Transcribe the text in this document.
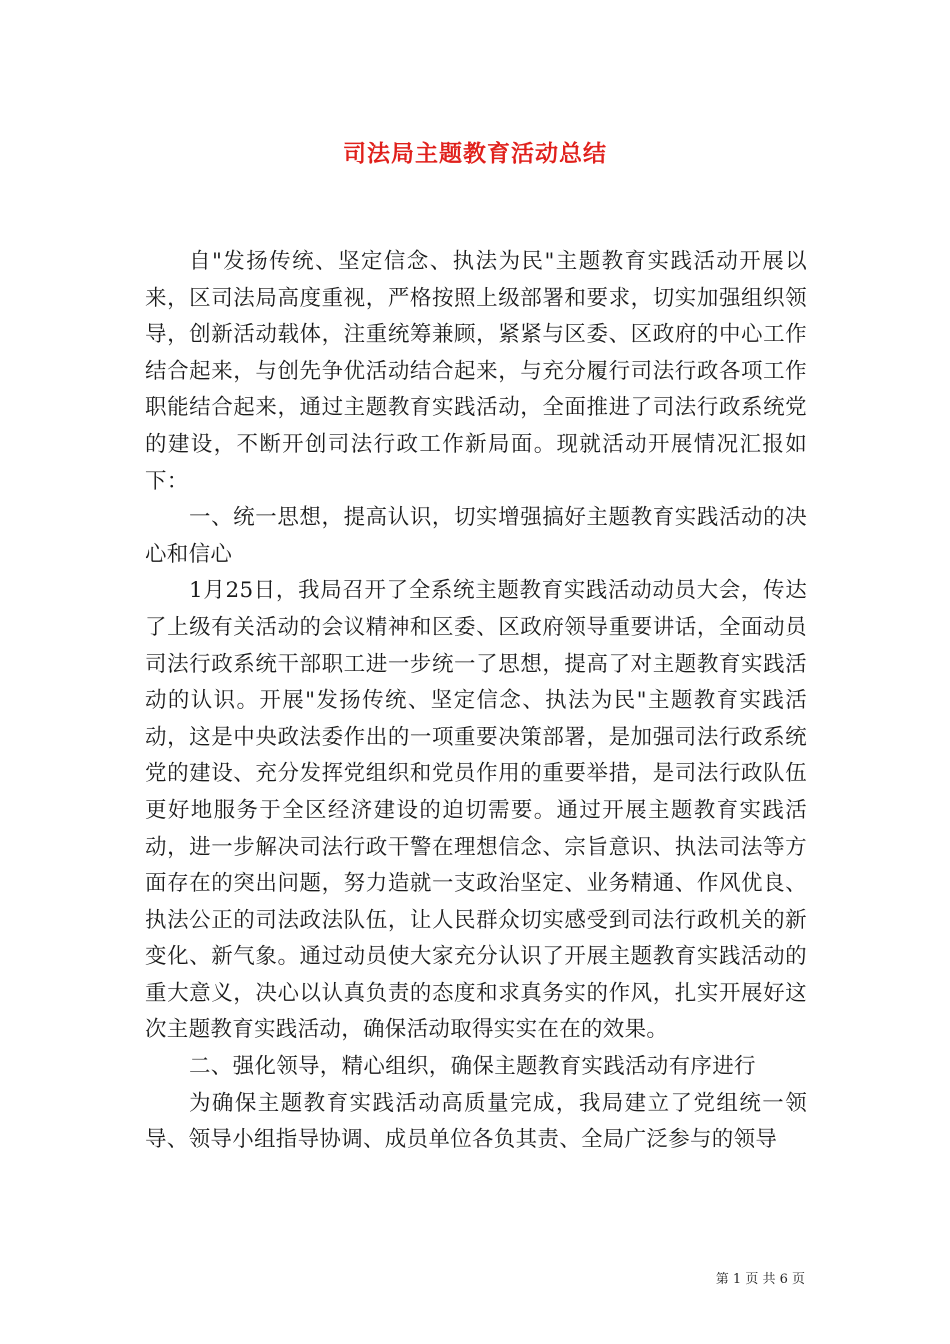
司法局主题教育活动总结

自"发扬传统、坚定信念、执法为民"主题教育实践活动开展以来，区司法局高度重视，严格按照上级部署和要求，切实加强组织领导，创新活动载体，注重统筹兼顾，紧紧与区委、区政府的中心工作结合起来，与创先争优活动结合起来，与充分履行司法行政各项工作职能结合起来，通过主题教育实践活动，全面推进了司法行政系统党的建设，不断开创司法行政工作新局面。现就活动开展情况汇报如下：

一、统一思想，提高认识，切实增强搞好主题教育实践活动的决心和信心

1月25日，我局召开了全系统主题教育实践活动动员大会，传达了上级有关活动的会议精神和区委、区政府领导重要讲话，全面动员司法行政系统干部职工进一步统一了思想，提高了对主题教育实践活动的认识。开展"发扬传统、坚定信念、执法为民"主题教育实践活动，这是中央政法委作出的一项重要决策部署，是加强司法行政系统党的建设、充分发挥党组织和党员作用的重要举措，是司法行政队伍更好地服务于全区经济建设的迫切需要。通过开展主题教育实践活动，进一步解决司法行政干警在理想信念、宗旨意识、执法司法等方面存在的突出问题，努力造就一支政治坚定、业务精通、作风优良、执法公正的司法政法队伍，让人民群众切实感受到司法行政机关的新变化、新气象。通过动员使大家充分认识了开展主题教育实践活动的重大意义，决心以认真负责的态度和求真务实的作风，扎实开展好这次主题教育实践活动，确保活动取得实实在在的效果。

二、强化领导，精心组织，确保主题教育实践活动有序进行

为确保主题教育实践活动高质量完成，我局建立了党组统一领导、领导小组指导协调、成员单位各负其责、全局广泛参与的领导

第 1 页 共 6 页
